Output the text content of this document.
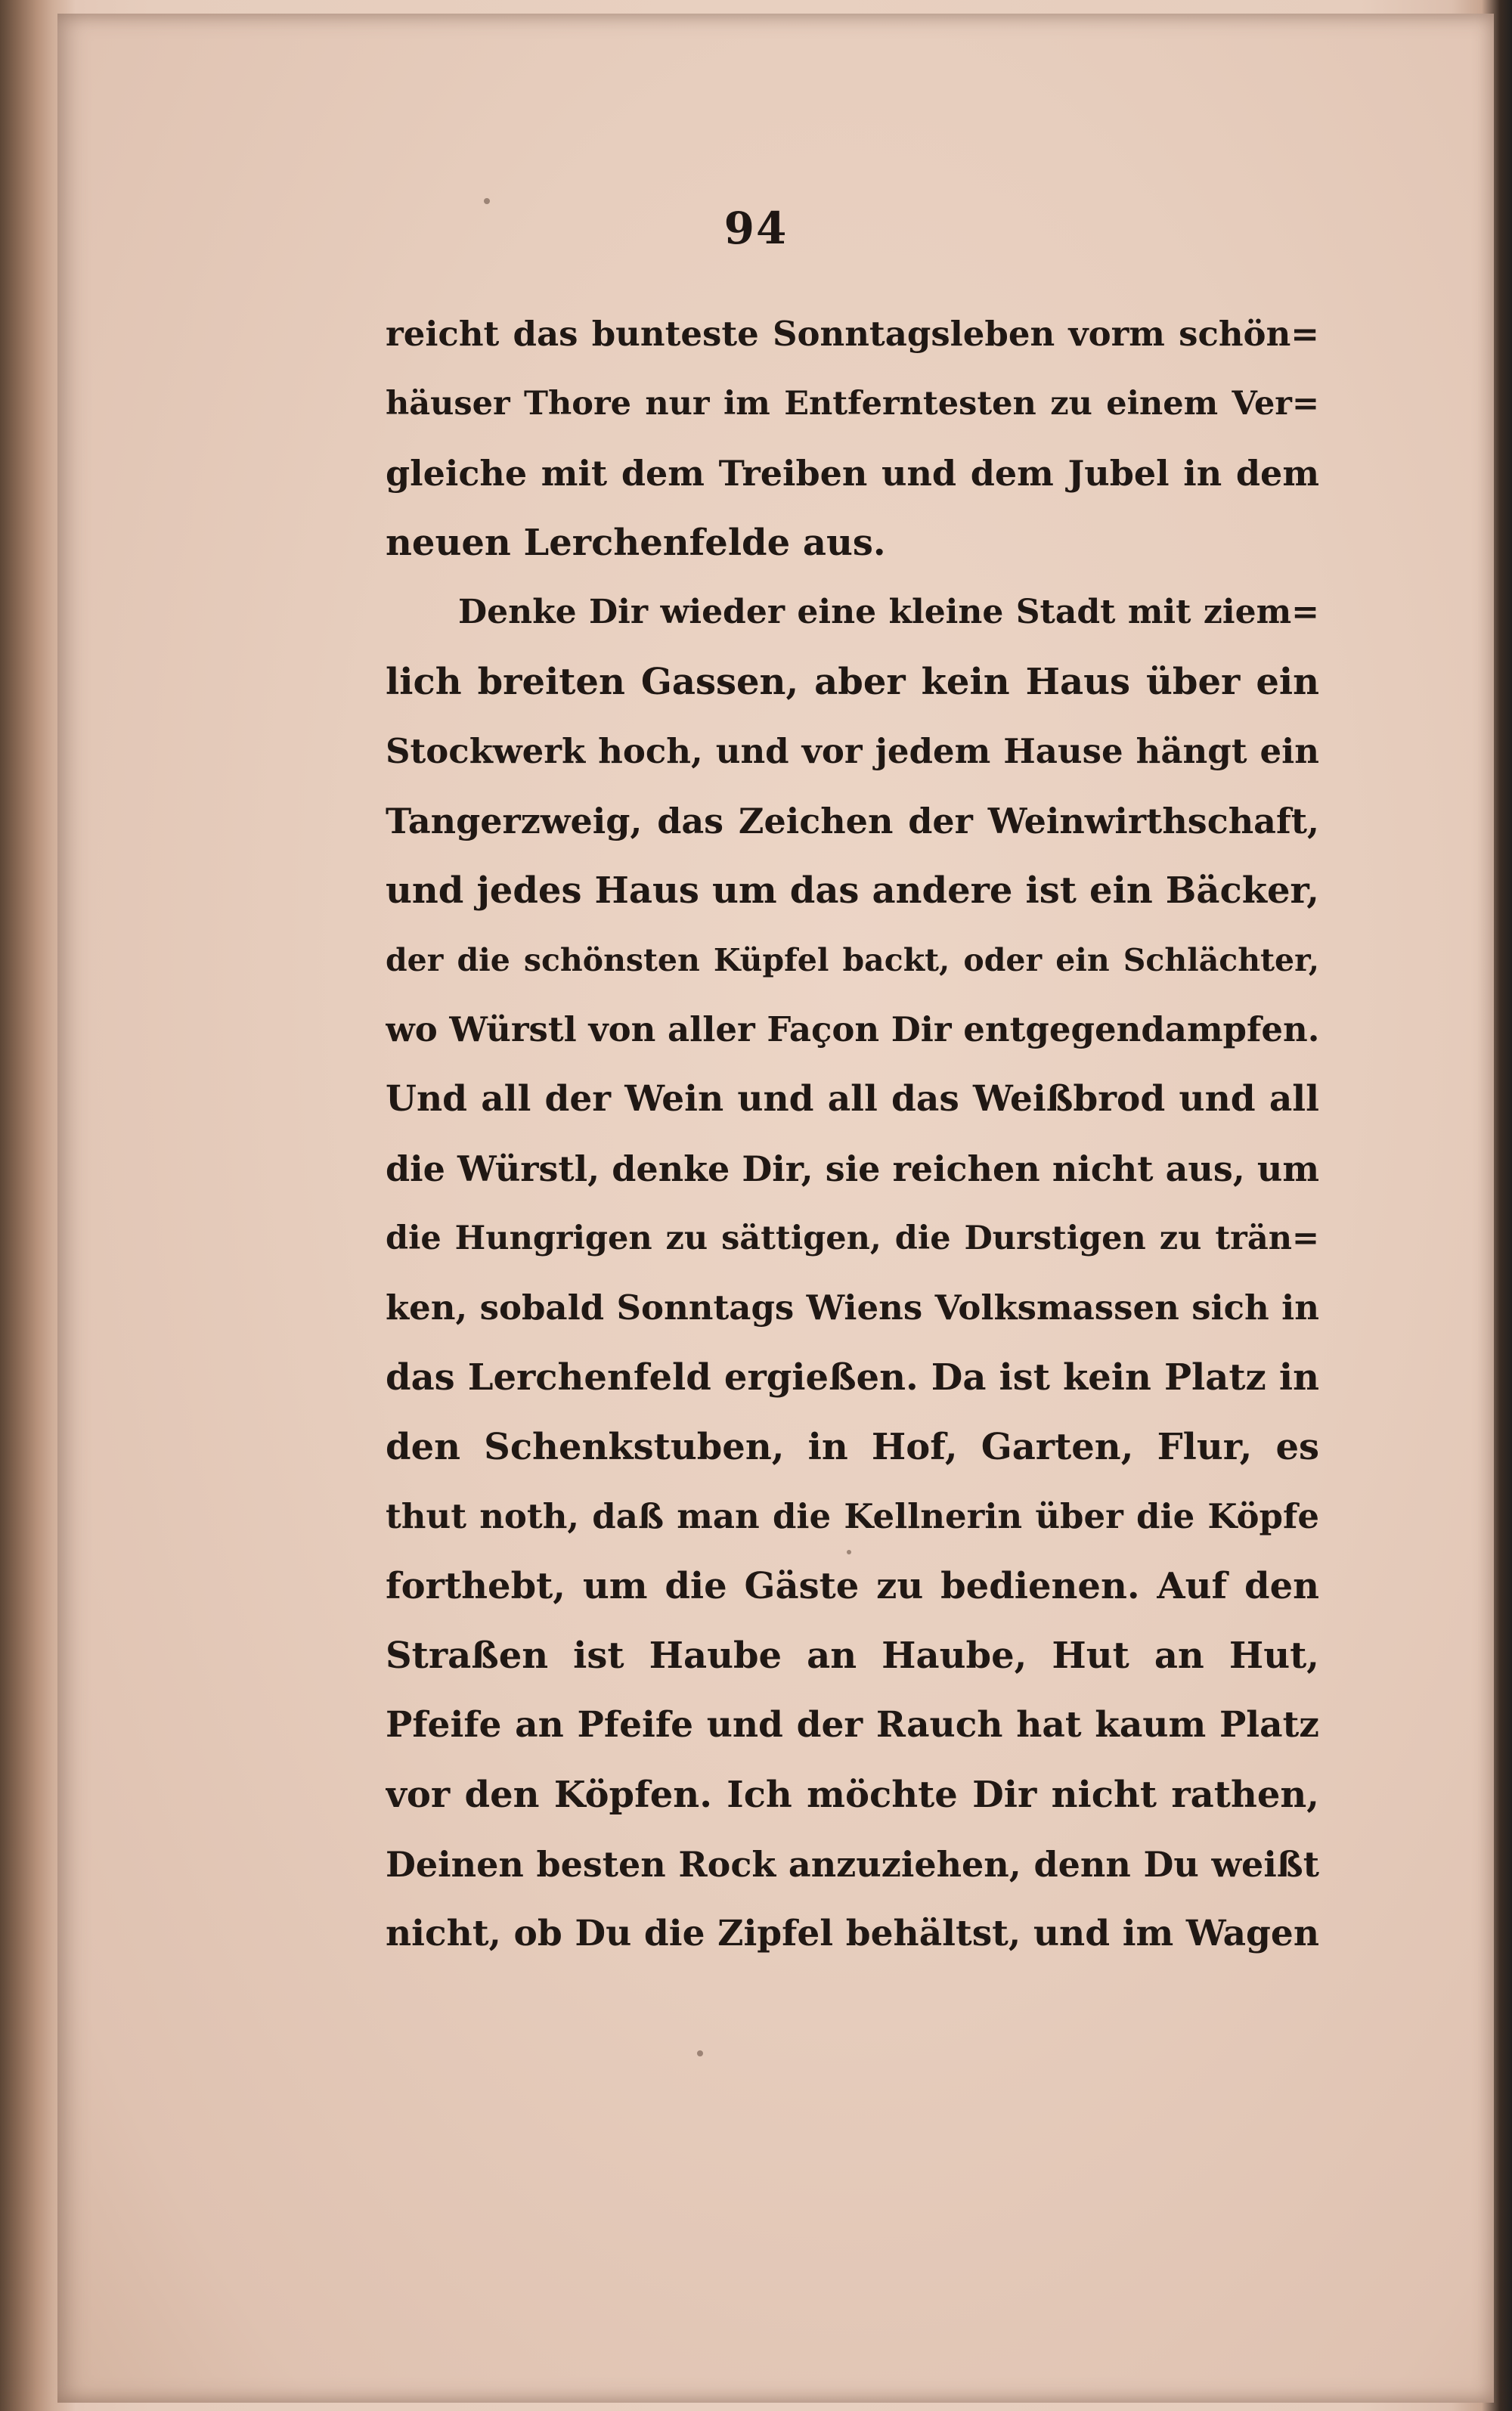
94
reicht das bunteste Sonntagsleben vorm schön=
häuser Thore nur im Entferntesten zu einem Ver=
gleiche mit dem Treiben und dem Jubel in dem
neuen Lerchenfelde aus.
Denke Dir wieder eine kleine Stadt mit ziem=
lich breiten Gassen, aber kein Haus über ein
Stockwerk hoch, und vor jedem Hause hängt ein
Tangerzweig, das Zeichen der Weinwirthschaft,
und jedes Haus um das andere ist ein Bäcker,
der die schönsten Küpfel backt, oder ein Schlächter,
wo Würstl von aller Façon Dir entgegendampfen.
Und all der Wein und all das Weißbrod und all
die Würstl, denke Dir, sie reichen nicht aus, um
die Hungrigen zu sättigen, die Durstigen zu trän=
ken, sobald Sonntags Wiens Volksmassen sich in
das Lerchenfeld ergießen. Da ist kein Platz in
den Schenkstuben, in Hof, Garten, Flur, es
thut noth, daß man die Kellnerin über die Köpfe
forthebt, um die Gäste zu bedienen. Auf den
Straßen ist Haube an Haube, Hut an Hut,
Pfeife an Pfeife und der Rauch hat kaum Platz
vor den Köpfen. Ich möchte Dir nicht rathen,
Deinen besten Rock anzuziehen, denn Du weißt
nicht, ob Du die Zipfel behältst, und im Wagen
